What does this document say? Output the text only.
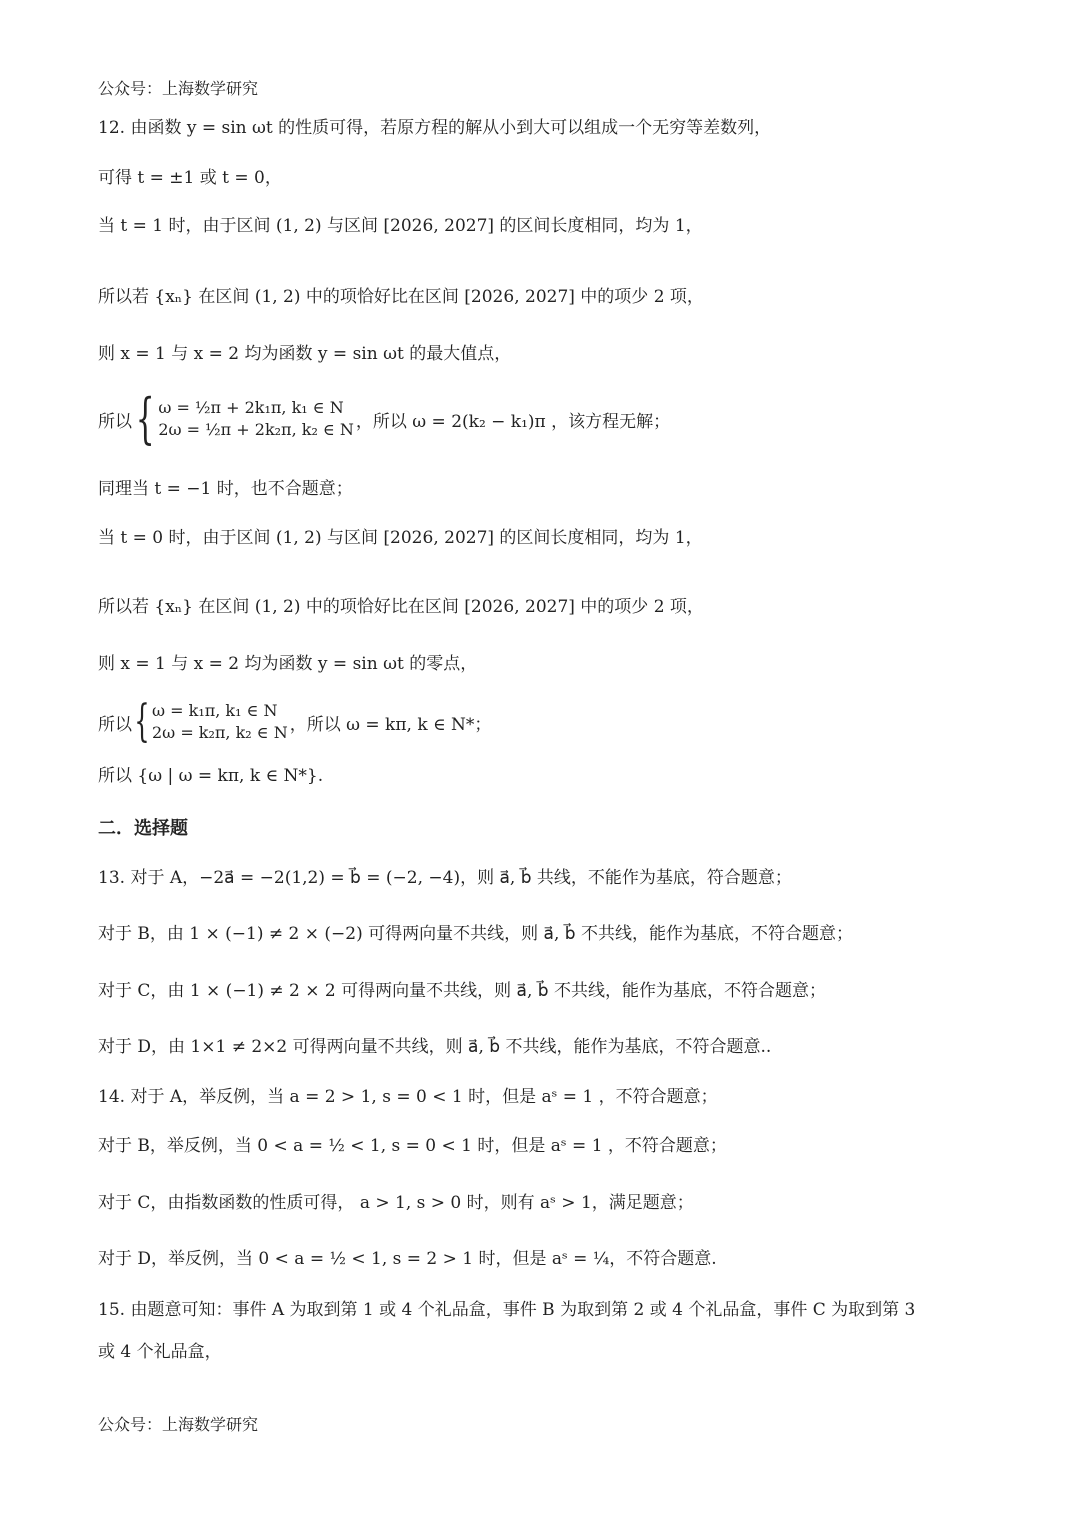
公众号：上海数学研究
12. 由函数 y = sin ωt 的性质可得，若原方程的解从小到大可以组成一个无穷等差数列，
可得 t = ±1 或 t = 0，
当 t = 1 时，由于区间 (1, 2) 与区间 [2026, 2027] 的区间长度相同，均为 1，
所以若 {xₙ} 在区间 (1, 2) 中的项恰好比在区间 [2026, 2027] 中的项少 2 项，
则 x = 1 与 x = 2 均为函数 y = sin ωt 的最大值点，
所以 { ω = ½π + 2k₁π, k₁ ∈ N
2ω = ½π + 2k₂π, k₂ ∈ N ，所以 ω = 2(k₂ − k₁)π ，该方程无解；
同理当 t = −1 时，也不合题意；
当 t = 0 时，由于区间 (1, 2) 与区间 [2026, 2027] 的区间长度相同，均为 1，
所以若 {xₙ} 在区间 (1, 2) 中的项恰好比在区间 [2026, 2027] 中的项少 2 项，
则 x = 1 与 x = 2 均为函数 y = sin ωt 的零点，
所以 { ω = k₁π, k₁ ∈ N
2ω = k₂π, k₂ ∈ N ，所以 ω = kπ, k ∈ N*；
所以 {ω | ω = kπ, k ∈ N*}.
二．选择题
13. 对于 A，−2a⃗ = −2(1,2) = b⃗ = (−2, −4)，则 a⃗, b⃗ 共线，不能作为基底，符合题意；
对于 B，由 1 × (−1) ≠ 2 × (−2) 可得两向量不共线，则 a⃗, b⃗ 不共线，能作为基底，不符合题意；
对于 C，由 1 × (−1) ≠ 2 × 2 可得两向量不共线，则 a⃗, b⃗ 不共线，能作为基底，不符合题意；
对于 D，由 1×1 ≠ 2×2 可得两向量不共线，则 a⃗, b⃗ 不共线，能作为基底，不符合题意..
14. 对于 A，举反例，当 a = 2 > 1, s = 0 < 1 时，但是 aˢ = 1 ，不符合题意；
对于 B，举反例，当 0 < a = ½ < 1, s = 0 < 1 时，但是 aˢ = 1 ，不符合题意；
对于 C，由指数函数的性质可得， a > 1, s > 0 时，则有 aˢ > 1，满足题意；
对于 D，举反例，当 0 < a = ½ < 1, s = 2 > 1 时，但是 aˢ = ¼，不符合题意.
15. 由题意可知：事件 A 为取到第 1 或 4 个礼品盒，事件 B 为取到第 2 或 4 个礼品盒，事件 C 为取到第 3
或 4 个礼品盒，
公众号：上海数学研究
